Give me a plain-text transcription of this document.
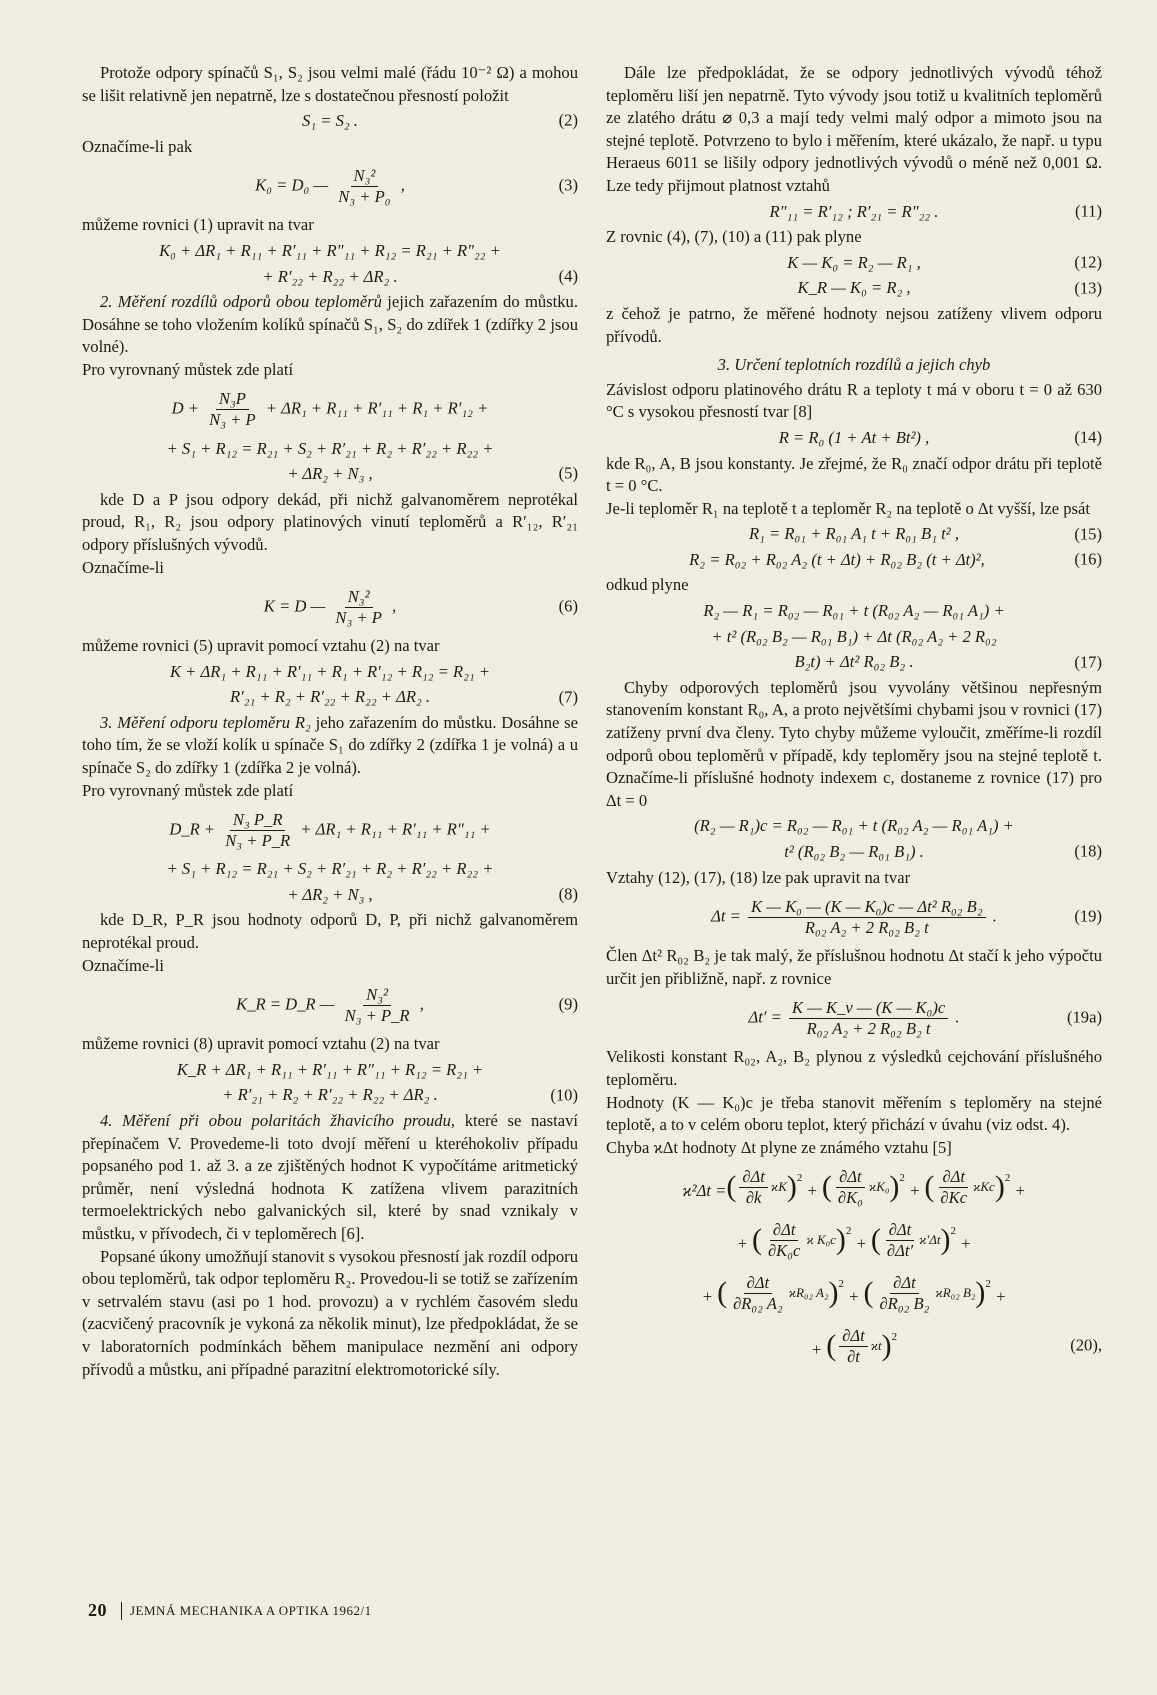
Protože odpory spínačů S₁, S₂ jsou velmi malé (řádu 10⁻² Ω) a mohou se lišit relativně jen nepatrně, lze s dostatečnou přesností položit

S₁ = S₂ .	(2)

Označíme-li pak

K₀ = D₀ — $\frac{\text{N₃²}}{\text{N₃ + P₀}}$ ,	(3)

můžeme rovnici (1) upravit na tvar

K₀ + ΔR₁ + R₁₁ + R′₁₁ + R″₁₁ + R₁₂ = R₂₁ + R″₂₂ +
+ R′₂₂ + R₂₂ + ΔR₂ .	(4)

2. Měření rozdílů odporů obou teploměrů jejich zařazením do můstku. Dosáhne se toho vložením kolíků spínačů S₁, S₂ do zdířek 1 (zdířky 2 jsou volné).

Pro vyrovnaný můstek zde platí

$D + \frac{\text{N₃P}}{\text{N₃ + P}} + \Delta R_1 + R_{11} + R'_{11} + R_1 + R'_{12}$ +
+ S₁ + R₁₂ = R₂₁ + S₂ + R′₂₁ + R₂ + R′₂₂ + R₂₂ +
+ ΔR₂ + N₃ ,	(5)

kde D a P jsou odpory dekád, při nichž galvanoměrem neprotékal proud, R₁, R₂ jsou odpory platinových vinutí teploměrů a R′₁₂, R′₂₁ odpory příslušných vývodů.

Označíme-li

K = D — $\frac{\text{N₃²}}{\text{N₃ + P}}$ ,	(6)

můžeme rovnici (5) upravit pomocí vztahu (2) na tvar

K + ΔR₁ + R₁₁ + R′₁₁ + R₁ + R′₁₂ + R₁₂ = R₂₁ +
R′₂₁ + R₂ + R′₂₂ + R₂₂ + ΔR₂ .	(7)

3. Měření odporu teploměru R₂ jeho zařazením do můstku. Dosáhne se toho tím, že se vloží kolík u spínače S₁ do zdířky 2 (zdířka 1 je volná) a u spínače S₂ do zdířky 1 (zdířka 2 je volná).

Pro vyrovnaný můstek zde platí

D_R + $\frac{\text{N₃ P\_R}}{\text{N₃ + P\_R}} + \Delta R_1 + R_{11} + R'_{11} + R''_{11}$ +
+ S₁ + R₁₂ = R₂₁ + S₂ + R′₂₁ + R₂ + R′₂₂ + R₂₂ +
+ ΔR₂ + N₃ ,	(8)

kde D_R, P_R jsou hodnoty odporů D, P, při nichž galvanoměrem neprotékal proud.

Označíme-li

K_R = D_R — $\frac{\text{N₃²}}{\text{N₃ + P\_R}}$ ,	(9)

můžeme rovnici (8) upravit pomocí vztahu (2) na tvar

K_R + ΔR₁ + R₁₁ + R′₁₁ + R″₁₁ + R₁₂ = R₂₁ +
+ R′₂₁ + R₂ + R′₂₂ + R₂₂ + ΔR₂ .	(10)

4. Měření při obou polaritách žhavicího proudu, které se nastaví přepínačem V. Provedeme-li toto dvojí měření u kteréhokoliv případu popsaného pod 1. až 3. a ze zjištěných hodnot K vypočítáme aritmetický průměr, není výsledná hodnota K zatížena vlivem parazitních termoelektrických nebo galvanických sil, které by snad vznikaly v můstku, v přívodech, či v teploměrech [6].

Popsané úkony umožňují stanovit s vysokou přesností jak rozdíl odporu obou teploměrů, tak odpor teploměru R₂. Provedou-li se totiž se zařízením v setrvalém stavu (asi po 1 hod. provozu) a v rychlém časovém sledu (zacvičený pracovník je vykoná za několik minut), lze předpokládat, že se v laboratorních podmínkách během manipulace nezmění ani odpory přívodů a můstku, ani případné parazitní elektromotorické síly.

Dále lze předpokládat, že se odpory jednotlivých vývodů téhož teploměru liší jen nepatrně. Tyto vývody jsou totiž u kvalitních teploměrů ze zlatého drátu ⌀ 0,3 a mají tedy velmi malý odpor a mimoto jsou na stejné teplotě. Potvrzeno to bylo i měřením, které ukázalo, že např. u typu Heraeus 6011 se lišily odpory jednotlivých vývodů o méně než 0,001 Ω. Lze tedy přijmout platnost vztahů

R″₁₁ = R′₁₂ ; R′₂₁ = R″₂₂ .	(11)

Z rovnic (4), (7), (10) a (11) pak plyne

K — K₀ = R₂ — R₁ ,	(12)
K_R — K₀ = R₂ ,	(13)

z čehož je patrno, že měřené hodnoty nejsou zatíženy vlivem odporu přívodů.

3. Určení teplotních rozdílů a jejich chyb

Závislost odporu platinového drátu R a teploty t má v oboru t = 0 až 630 °C s vysokou přesností tvar [8]

R = R₀ (1 + At + Bt²) ,	(14)

kde R₀, A, B jsou konstanty. Je zřejmé, že R₀ značí odpor drátu při teplotě t = 0 °C.

Je-li teploměr R₁ na teplotě t a teploměr R₂ na teplotě o Δt vyšší, lze psát

R₁ = R₀₁ + R₀₁ A₁ t + R₀₁ B₁ t² ,	(15)
R₂ = R₀₂ + R₀₂ A₂ (t + Δt) + R₀₂ B₂ (t + Δt)²,	(16)

odkud plyne

R₂ — R₁ = R₀₂ — R₀₁ + t (R₀₂ A₂ — R₀₁ A₁) +
+ t² (R₀₂ B₂ — R₀₁ B₁) + Δt (R₀₂ A₂ + 2 R₀₂
B₂t) + Δt² R₀₂ B₂ .	(17)

Chyby odporových teploměrů jsou vyvolány většinou nepřesným stanovením konstant R₀, A, a proto největšími chybami jsou v rovnici (17) zatíženy první dva členy. Tyto chyby můžeme vyloučit, změříme-li rozdíl odporů obou teploměrů v případě, kdy teploměry jsou na stejné teplotě t. Označíme-li příslušné hodnoty indexem c, dostaneme z rovnice (17) pro Δt = 0

(R₂ — R₁)c = R₀₂ — R₀₁ + t (R₀₂ A₂ — R₀₁ A₁) +
t² (R₀₂ B₂ — R₀₁ B₁) .	(18)

Vztahy (12), (17), (18) lze pak upravit na tvar

$\Delta t = \frac{\text{K — K₀ — (K — K₀)c — Δt² R₀₂ B₂}}{\text{R₀₂ A₂ + 2 R₀₂ B₂ t}}$ .	(19)

Člen Δt² R₀₂ B₂ je tak malý, že příslušnou hodnotu Δt stačí k jeho výpočtu určit jen přibližně, např. z rovnice

$\Delta t' = \frac{\text{K — K\_v — (K — K₀)c}}{\text{R₀₂ A₂ + 2 R₀₂ B₂ t}}$ .	(19a)

Velikosti konstant R₀₂, A₂, B₂ plynou z výsledků cejchování příslušného teploměru.

Hodnoty (K — K₀)c je třeba stanovit měřením s teploměry na stejné teplotě, a to v celém oboru teplot, který přichází v úvahu (viz odst. 4).

Chyba ϰΔt hodnoty Δt plyne ze známého vztahu [5]

ϰ²Δt = ( $\frac{\partial\Delta t}{\partial k}$ ϰK )$^2$
+ ( $\frac{\partial\Delta t}{\text{∂K₀}} ϰK_0$ )$^2$
+ ( $\frac{\partial\Delta t}{\partial Kc}$ ϰKc )$^2$
+
+ ( $\frac{\partial\Delta t}{\text{∂K₀c}}$ ϰ K₀c )$^2$
+ ( $\frac{\partial\Delta t}{\partial\Delta t'} ϰ'\Delta t$ )$^2$
+
+ ( $\frac{\partial\Delta t}{\text{∂R₀₂ A₂}} ϰR_{02}$ A₂ )$^2$
+ ( $\frac{\partial\Delta t}{\text{∂R₀₂ B₂}} ϰR_{02}$ B₂ )$^2$
+
+ ( $\frac{\partial\Delta t}{\partial t}$ ϰt )$^2$	(20),
20 JEMNÁ MECHANIKA A OPTIKA 1962/1
